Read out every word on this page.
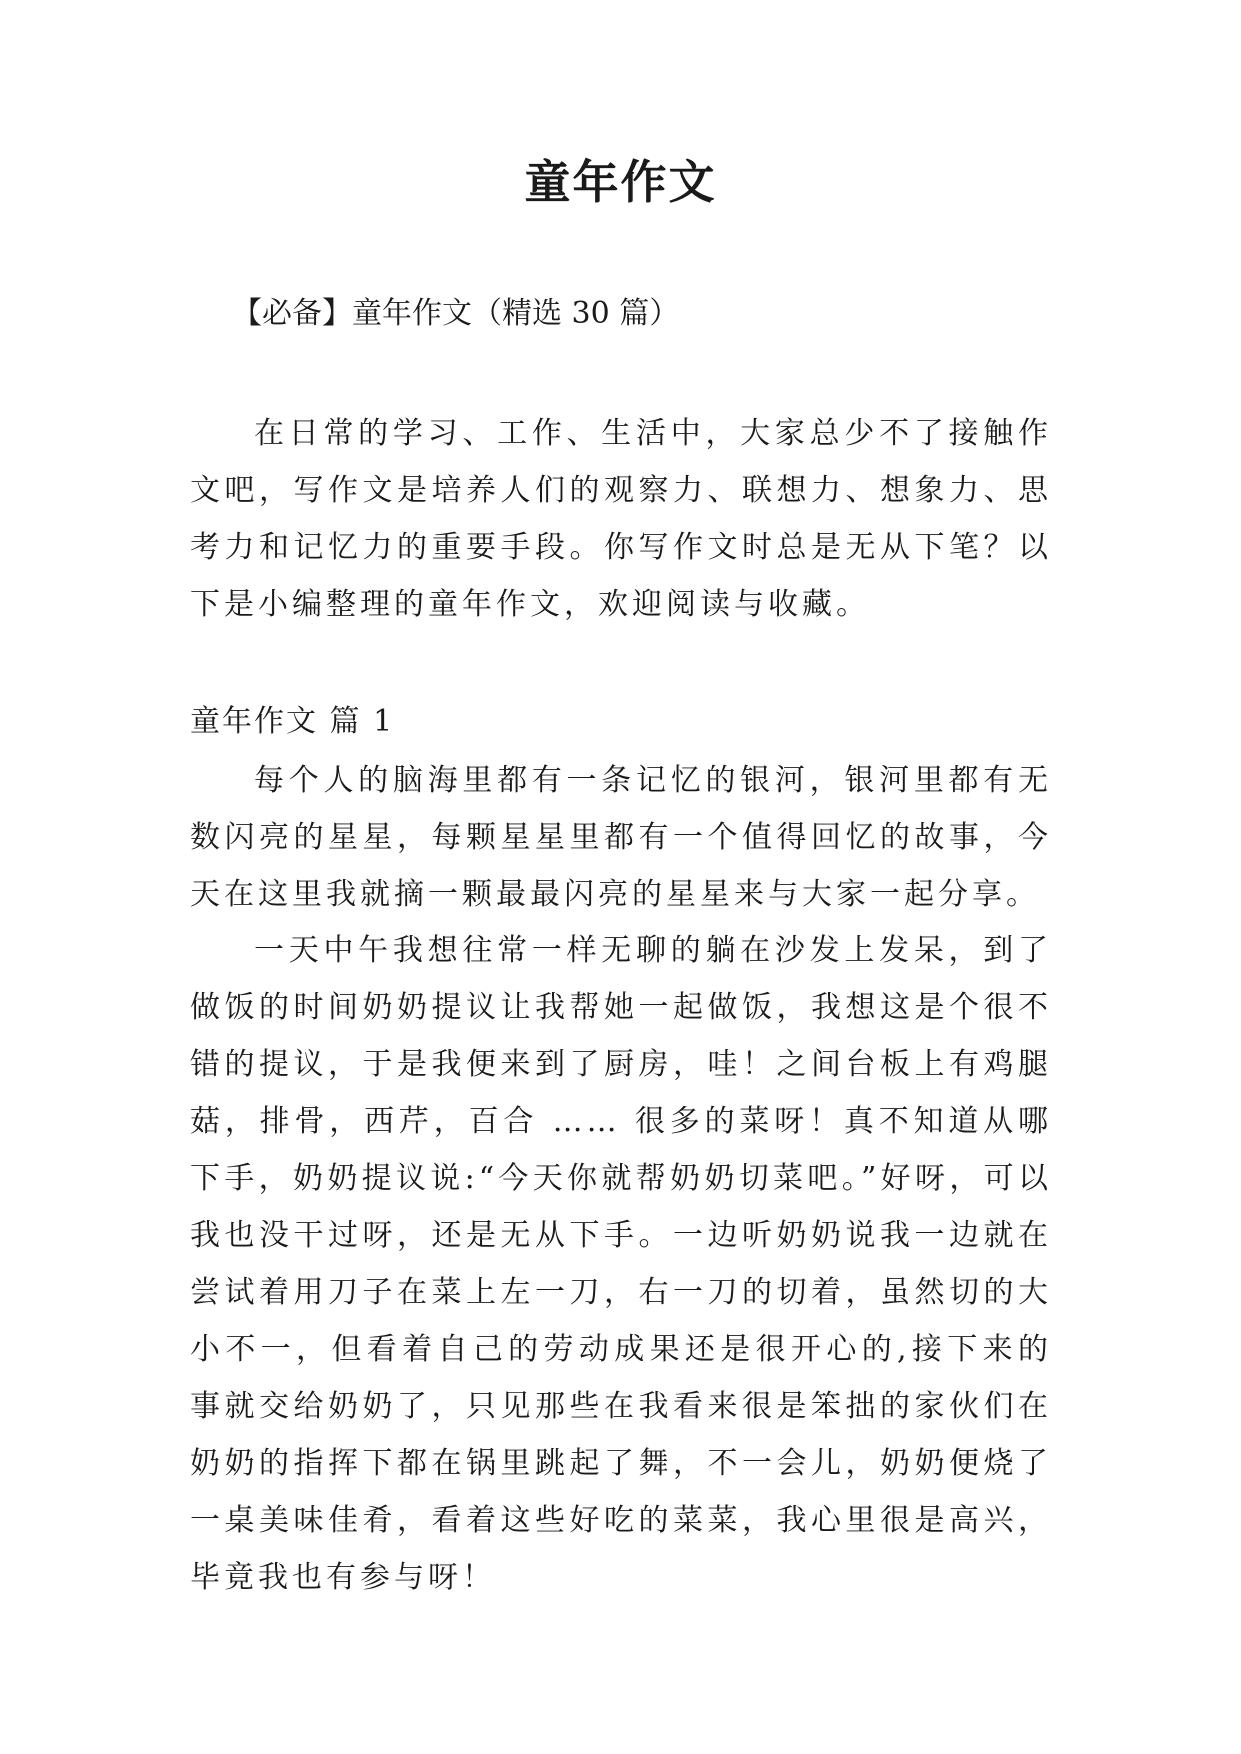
童年作文

【必备】童年作文（精选 30 篇）

在日常的学习、工作、生活中，大家总少不了接触作文吧，写作文是培养人们的观察力、联想力、想象力、思考力和记忆力的重要手段。你写作文时总是无从下笔？以下是小编整理的童年作文，欢迎阅读与收藏。

童年作文 篇 1

每个人的脑海里都有一条记忆的银河，银河里都有无数闪亮的星星，每颗星星里都有一个值得回忆的故事，今天在这里我就摘一颗最最闪亮的星星来与大家一起分享。

一天中午我想往常一样无聊的躺在沙发上发呆，到了做饭的时间奶奶提议让我帮她一起做饭，我想这是个很不错的提议，于是我便来到了厨房，哇！之间台板上有鸡腿菇，排骨，西芹，百合 …… 很多的菜呀！真不知道从哪下手，奶奶提议说:“今天你就帮奶奶切菜吧。”好呀，可以我也没干过呀，还是无从下手。一边听奶奶说我一边就在尝试着用刀子在菜上左一刀，右一刀的切着，虽然切的大小不一，但看着自己的劳动成果还是很开心的,接下来的事就交给奶奶了，只见那些在我看来很是笨拙的家伙们在奶奶的指挥下都在锅里跳起了舞，不一会儿，奶奶便烧了一桌美味佳肴，看着这些好吃的菜菜，我心里很是高兴，毕竟我也有参与呀！
